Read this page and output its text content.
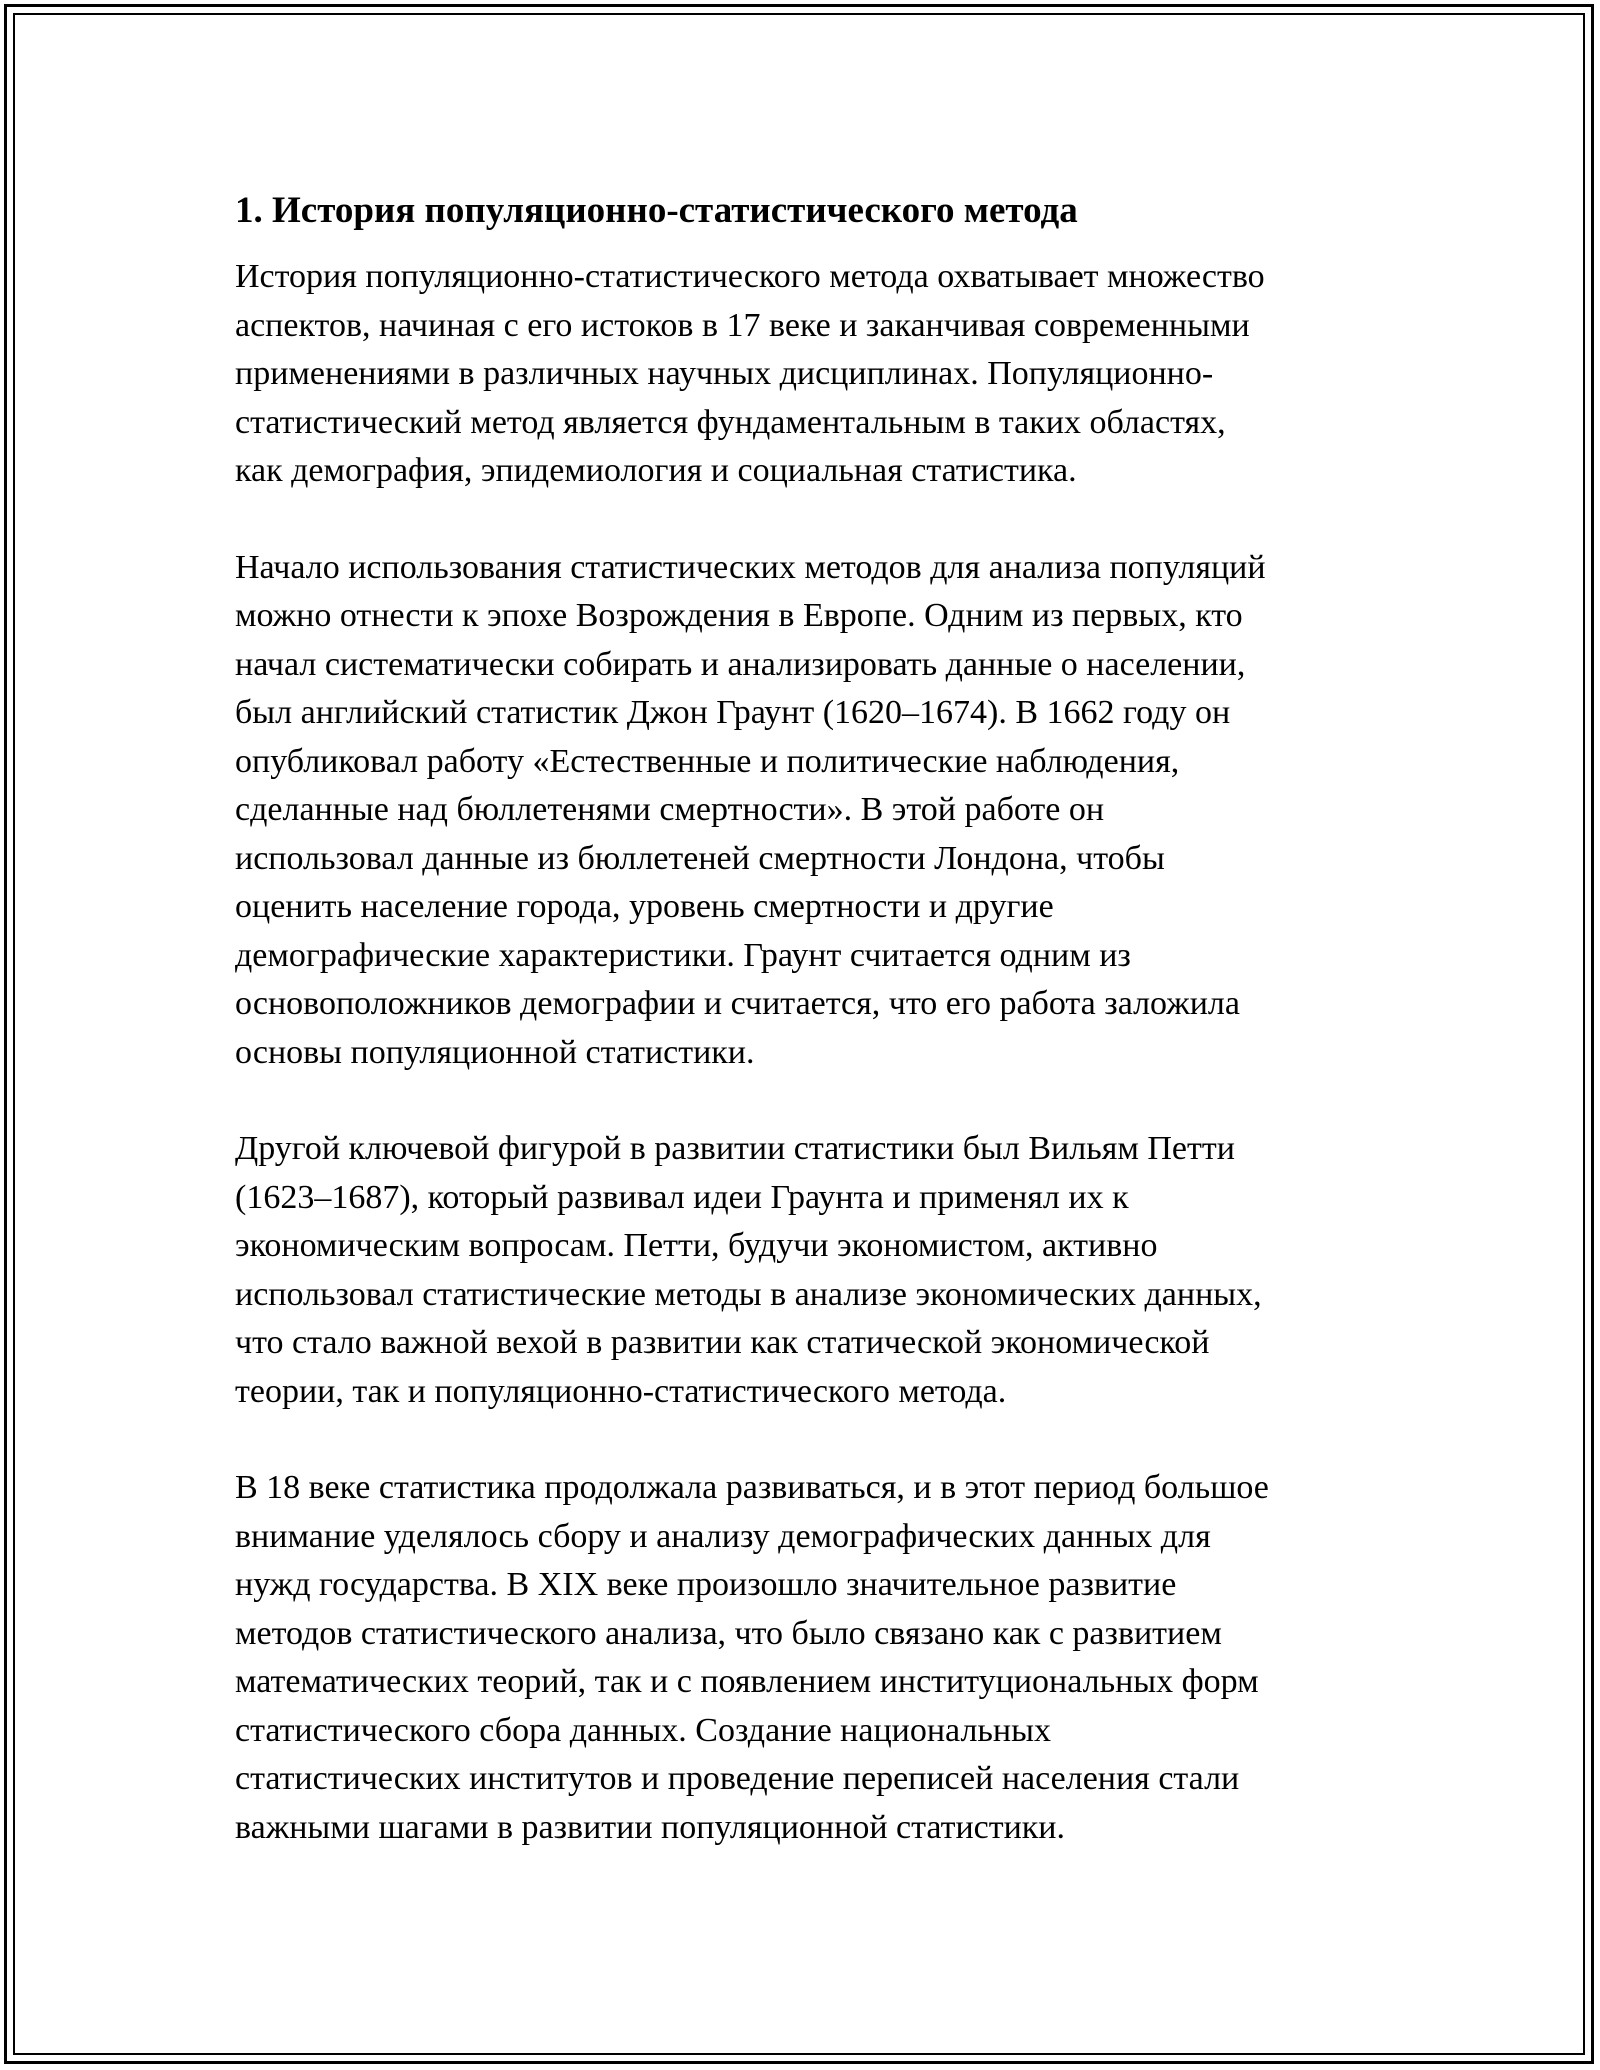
1. История популяционно-статистического метода

История популяционно-статистического метода охватывает множество
аспектов, начиная с его истоков в 17 веке и заканчивая современными
применениями в различных научных дисциплинах. Популяционно-
статистический метод является фундаментальным в таких областях,
как демография, эпидемиология и социальная статистика.

Начало использования статистических методов для анализа популяций
можно отнести к эпохе Возрождения в Европе. Одним из первых, кто
начал систематически собирать и анализировать данные о населении,
был английский статистик Джон Граунт (1620–1674). В 1662 году он
опубликовал работу «Естественные и политические наблюдения,
сделанные над бюллетенями смертности». В этой работе он
использовал данные из бюллетеней смертности Лондона, чтобы
оценить население города, уровень смертности и другие
демографические характеристики. Граунт считается одним из
основоположников демографии и считается, что его работа заложила
основы популяционной статистики.

Другой ключевой фигурой в развитии статистики был Вильям Петти
(1623–1687), который развивал идеи Граунта и применял их к
экономическим вопросам. Петти, будучи экономистом, активно
использовал статистические методы в анализе экономических данных,
что стало важной вехой в развитии как статической экономической
теории, так и популяционно-статистического метода.

В 18 веке статистика продолжала развиваться, и в этот период большое
внимание уделялось сбору и анализу демографических данных для
нужд государства. В XIX веке произошло значительное развитие
методов статистического анализа, что было связано как с развитием
математических теорий, так и с появлением институциональных форм
статистического сбора данных. Создание национальных
статистических институтов и проведение переписей населения стали
важными шагами в развитии популяционной статистики.
